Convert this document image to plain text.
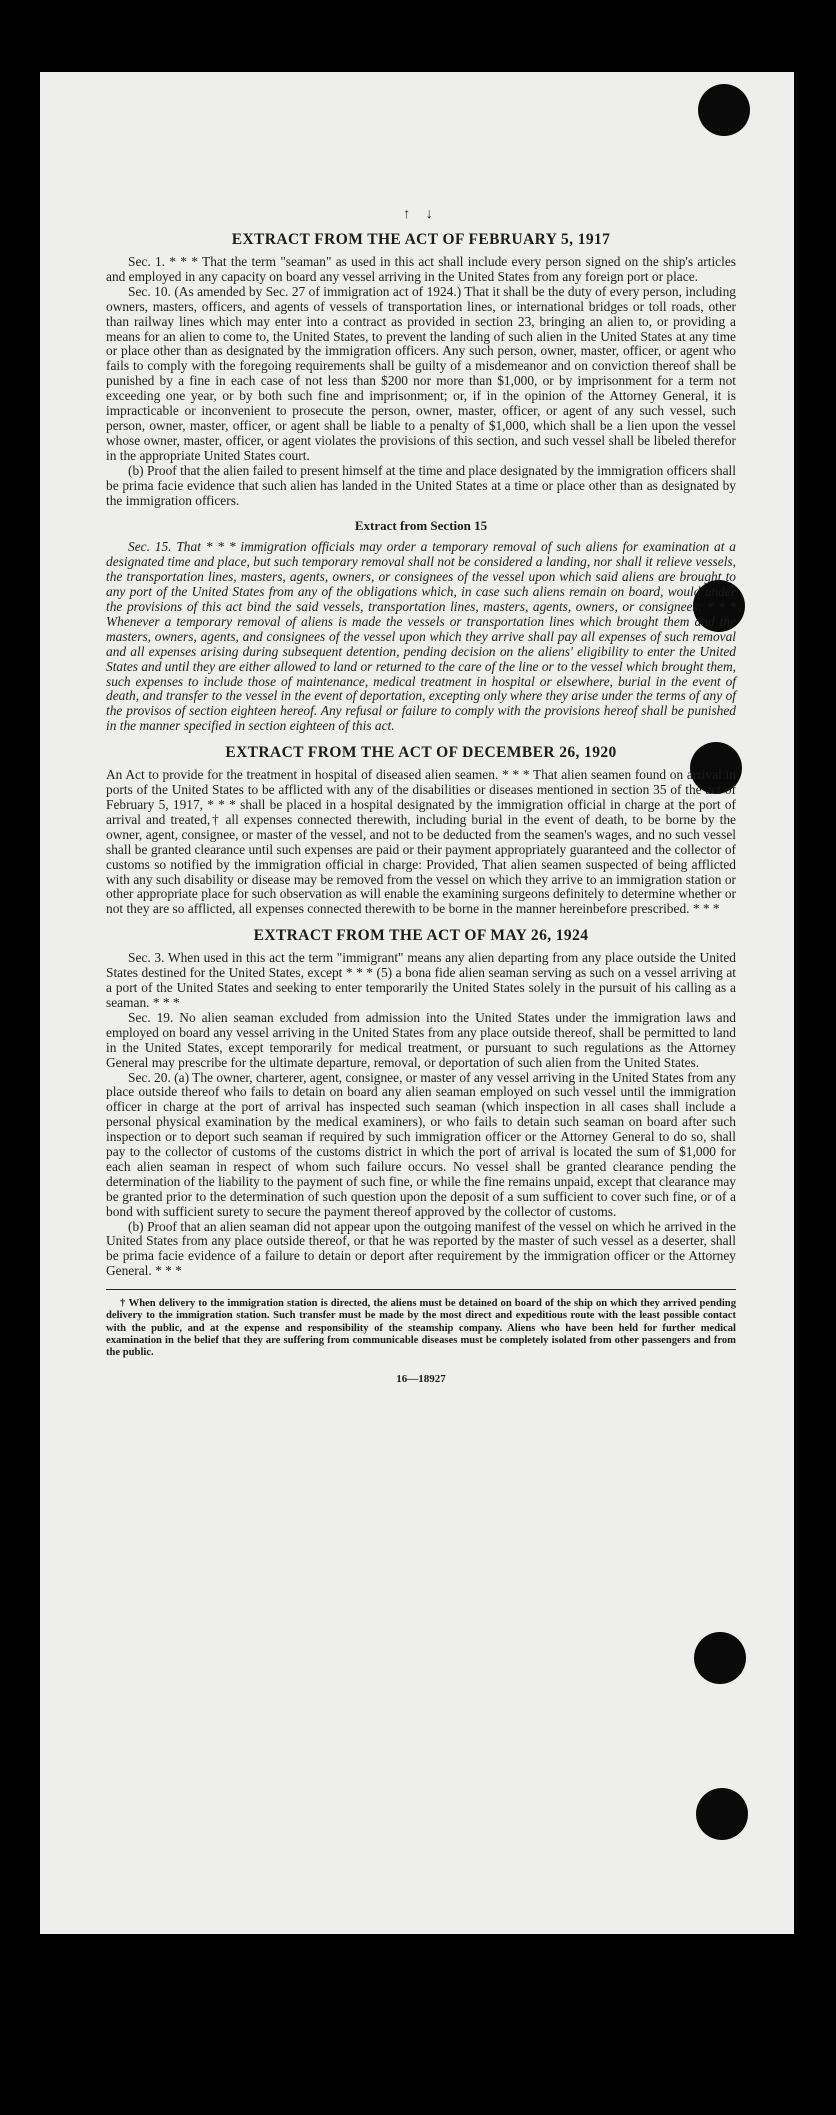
↑ ↓
EXTRACT FROM THE ACT OF FEBRUARY 5, 1917

Sec. 1. * * * That the term "seaman" as used in this act shall include every person signed on the ship's articles and employed in any capacity on board any vessel arriving in the United States from any foreign port or place.

Sec. 10. (As amended by Sec. 27 of immigration act of 1924.) That it shall be the duty of every person, including owners, masters, officers, and agents of vessels of transportation lines, or international bridges or toll roads, other than railway lines which may enter into a contract as provided in section 23, bringing an alien to, or providing a means for an alien to come to, the United States, to prevent the landing of such alien in the United States at any time or place other than as designated by the immigration officers. Any such person, owner, master, officer, or agent who fails to comply with the foregoing requirements shall be guilty of a misdemeanor and on conviction thereof shall be punished by a fine in each case of not less than $200 nor more than $1,000, or by imprisonment for a term not exceeding one year, or by both such fine and imprisonment; or, if in the opinion of the Attorney General, it is impracticable or inconvenient to prosecute the person, owner, master, officer, or agent of any such vessel, such person, owner, master, officer, or agent shall be liable to a penalty of $1,000, which shall be a lien upon the vessel whose owner, master, officer, or agent violates the provisions of this section, and such vessel shall be libeled therefor in the appropriate United States court.

(b) Proof that the alien failed to present himself at the time and place designated by the immigration officers shall be prima facie evidence that such alien has landed in the United States at a time or place other than as designated by the immigration officers.

Extract from Section 15

Sec. 15. That * * * immigration officials may order a temporary removal of such aliens for examination at a designated time and place, but such temporary removal shall not be considered a landing, nor shall it relieve vessels, the transportation lines, masters, agents, owners, or consignees of the vessel upon which said aliens are brought to any port of the United States from any of the obligations which, in case such aliens remain on board, would under the provisions of this act bind the said vessels, transportation lines, masters, agents, owners, or consignees: * * * Whenever a temporary removal of aliens is made the vessels or transportation lines which brought them and the masters, owners, agents, and consignees of the vessel upon which they arrive shall pay all expenses of such removal and all expenses arising during subsequent detention, pending decision on the aliens' eligibility to enter the United States and until they are either allowed to land or returned to the care of the line or to the vessel which brought them, such expenses to include those of maintenance, medical treatment in hospital or elsewhere, burial in the event of death, and transfer to the vessel in the event of deportation, excepting only where they arise under the terms of any of the provisos of section eighteen hereof. Any refusal or failure to comply with the provisions hereof shall be punished in the manner specified in section eighteen of this act.

EXTRACT FROM THE ACT OF DECEMBER 26, 1920

An Act to provide for the treatment in hospital of diseased alien seamen. * * * That alien seamen found on arrival in ports of the United States to be afflicted with any of the disabilities or diseases mentioned in section 35 of the act of February 5, 1917, * * * shall be placed in a hospital designated by the immigration official in charge at the port of arrival and treated,† all expenses connected therewith, including burial in the event of death, to be borne by the owner, agent, consignee, or master of the vessel, and not to be deducted from the seamen's wages, and no such vessel shall be granted clearance until such expenses are paid or their payment appropriately guaranteed and the collector of customs so notified by the immigration official in charge: Provided, That alien seamen suspected of being afflicted with any such disability or disease may be removed from the vessel on which they arrive to an immigration station or other appropriate place for such observation as will enable the examining surgeons definitely to determine whether or not they are so afflicted, all expenses connected therewith to be borne in the manner hereinbefore prescribed. * * *

EXTRACT FROM THE ACT OF MAY 26, 1924

Sec. 3. When used in this act the term "immigrant" means any alien departing from any place outside the United States destined for the United States, except * * * (5) a bona fide alien seaman serving as such on a vessel arriving at a port of the United States and seeking to enter temporarily the United States solely in the pursuit of his calling as a seaman. * * *

Sec. 19. No alien seaman excluded from admission into the United States under the immigration laws and employed on board any vessel arriving in the United States from any place outside thereof, shall be permitted to land in the United States, except temporarily for medical treatment, or pursuant to such regulations as the Attorney General may prescribe for the ultimate departure, removal, or deportation of such alien from the United States.

Sec. 20. (a) The owner, charterer, agent, consignee, or master of any vessel arriving in the United States from any place outside thereof who fails to detain on board any alien seaman employed on such vessel until the immigration officer in charge at the port of arrival has inspected such seaman (which inspection in all cases shall include a personal physical examination by the medical examiners), or who fails to detain such seaman on board after such inspection or to deport such seaman if required by such immigration officer or the Attorney General to do so, shall pay to the collector of customs of the customs district in which the port of arrival is located the sum of $1,000 for each alien seaman in respect of whom such failure occurs. No vessel shall be granted clearance pending the determination of the liability to the payment of such fine, or while the fine remains unpaid, except that clearance may be granted prior to the determination of such question upon the deposit of a sum sufficient to cover such fine, or of a bond with sufficient surety to secure the payment thereof approved by the collector of customs.

(b) Proof that an alien seaman did not appear upon the outgoing manifest of the vessel on which he arrived in the United States from any place outside thereof, or that he was reported by the master of such vessel as a deserter, shall be prima facie evidence of a failure to detain or deport after requirement by the immigration officer or the Attorney General. * * *

† When delivery to the immigration station is directed, the aliens must be detained on board of the ship on which they arrived pending delivery to the immigration station. Such transfer must be made by the most direct and expeditious route with the least possible contact with the public, and at the expense and responsibility of the steamship company. Aliens who have been held for further medical examination in the belief that they are suffering from communicable diseases must be completely isolated from other passengers and from the public.

16—18927
